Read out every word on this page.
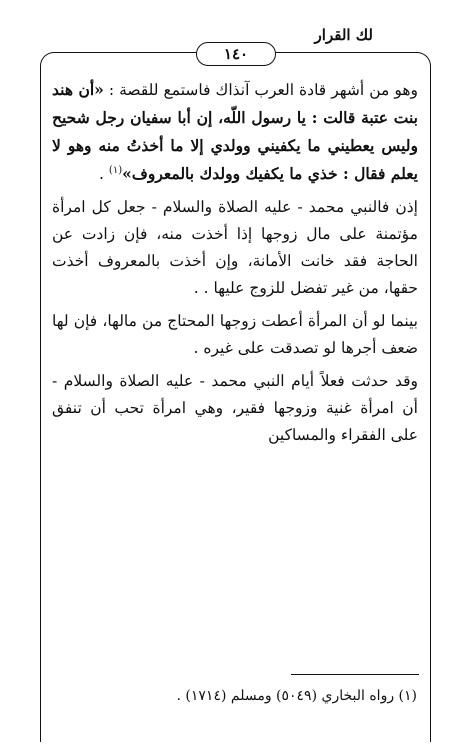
لك القرار
١٤٠

وهو من أشهر قادة العرب آنذاك فاستمع للقصة : «أن هند بنت عتبة قالت : يا رسول اللّه، إن أبا سفيان رجل شحيح وليس يعطيني ما يكفيني وولدي إلا ما أخذتُ منه وهو لا يعلم فقال : خذي ما يكفيك وولدك بالمعروف»$^{(١)}$ .

إذن فالنبي محمد - عليه الصلاة والسلام - جعل كل امرأة مؤتمنة على مال زوجها إذا أخذت منه، فإن زادت عن الحاجة فقد خانت الأمانة، وإن أخذت بالمعروف أخذت حقها، من غير تفضل للزوج عليها . .

بينما لو أن المرأة أعطت زوجها المحتاج من مالها، فإن لها ضعف أجرها لو تصدقت على غيره .

وقد حدثت فعلاً أيام النبي محمد - عليه الصلاة والسلام - أن امرأة غنية وزوجها فقير، وهي امرأة تحب أن تنفق على الفقراء والمساكين

(١) رواه البخاري (٥٠٤٩) ومسلم (١٧١٤) .
